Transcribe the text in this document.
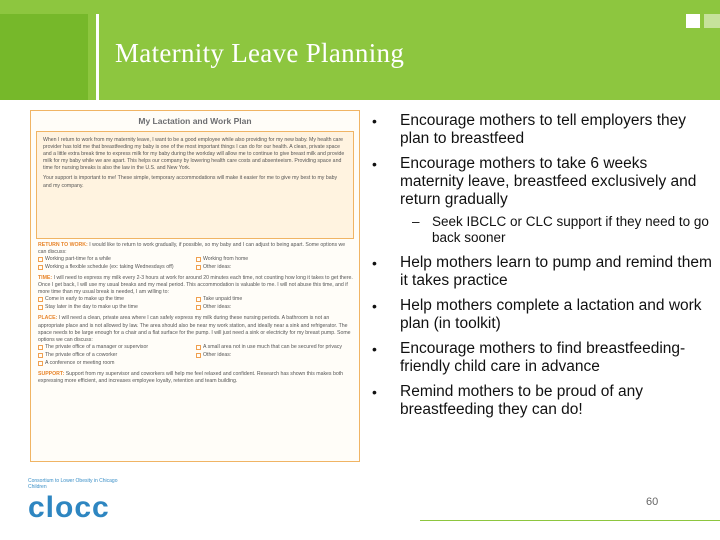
Maternity Leave Planning
My Lactation and Work Plan

When I return to work from my maternity leave, I want to be a good employee while also providing for my new baby. My health care provider has told me that breastfeeding my baby is one of the most important things I can do for our health. A clean, private space and a little extra break time to express milk for my baby during the workday will allow me to continue to give breast milk and provide milk for my baby while we are apart. This helps our company by lowering health care costs and absenteeism. Providing space and time for nursing breaks is also the law in the U.S. and New York.

Your support is important to me! These simple, temporary accommodations will make it easier for me to give my best to my baby and my company.

RETURN TO WORK: I would like to return to work gradually, if possible, so my baby and I can adjust to being apart. Some options we can discuss:
Working part-time for a while	Working from home
Working a flexible schedule (ex: taking Wednesdays off)	Other ideas:
TIME: I will need to express my milk every 2-3 hours at work for around 20 minutes each time, not counting how long it takes to get there. Once I get back, I will use my usual breaks and my meal period. This accommodation is valuable to me. I will not abuse this time, and if more time than my usual break is needed, I am willing to:
Come in early to make up the time	Take unpaid time
Stay later in the day to make up the time	Other ideas:
PLACE: I will need a clean, private area where I can safely express my milk during these nursing periods. A bathroom is not an appropriate place and is not allowed by law. The area should also be near my work station, and ideally near a sink and refrigerator. The space needs to be large enough for a chair and a flat surface for the pump. I will just need a sink or electricity for my breast pump. Some options we can discuss:
The private office of a manager or supervisor	A small area not in use much that can be secured for privacy
The private office of a coworker	Other ideas:
A conference or meeting room
SUPPORT: Support from my supervisor and coworkers will help me feel relaxed and confident. Research has shown this makes both expressing more efficient, and increases employee loyalty, retention and team building.
Consortium to Lower Obesity in Chicago Children
clocc
• Encourage mothers to tell employers they plan to breastfeed
• Encourage mothers to take 6 weeks maternity leave, breastfeed exclusively and return gradually
– Seek IBCLC or CLC support if they need to go back sooner
• Help mothers learn to pump and remind them it takes practice
• Help mothers complete a lactation and work plan (in toolkit)
• Encourage mothers to find breastfeeding-friendly child care in advance
• Remind mothers to be proud of any breastfeeding they can do!
60
